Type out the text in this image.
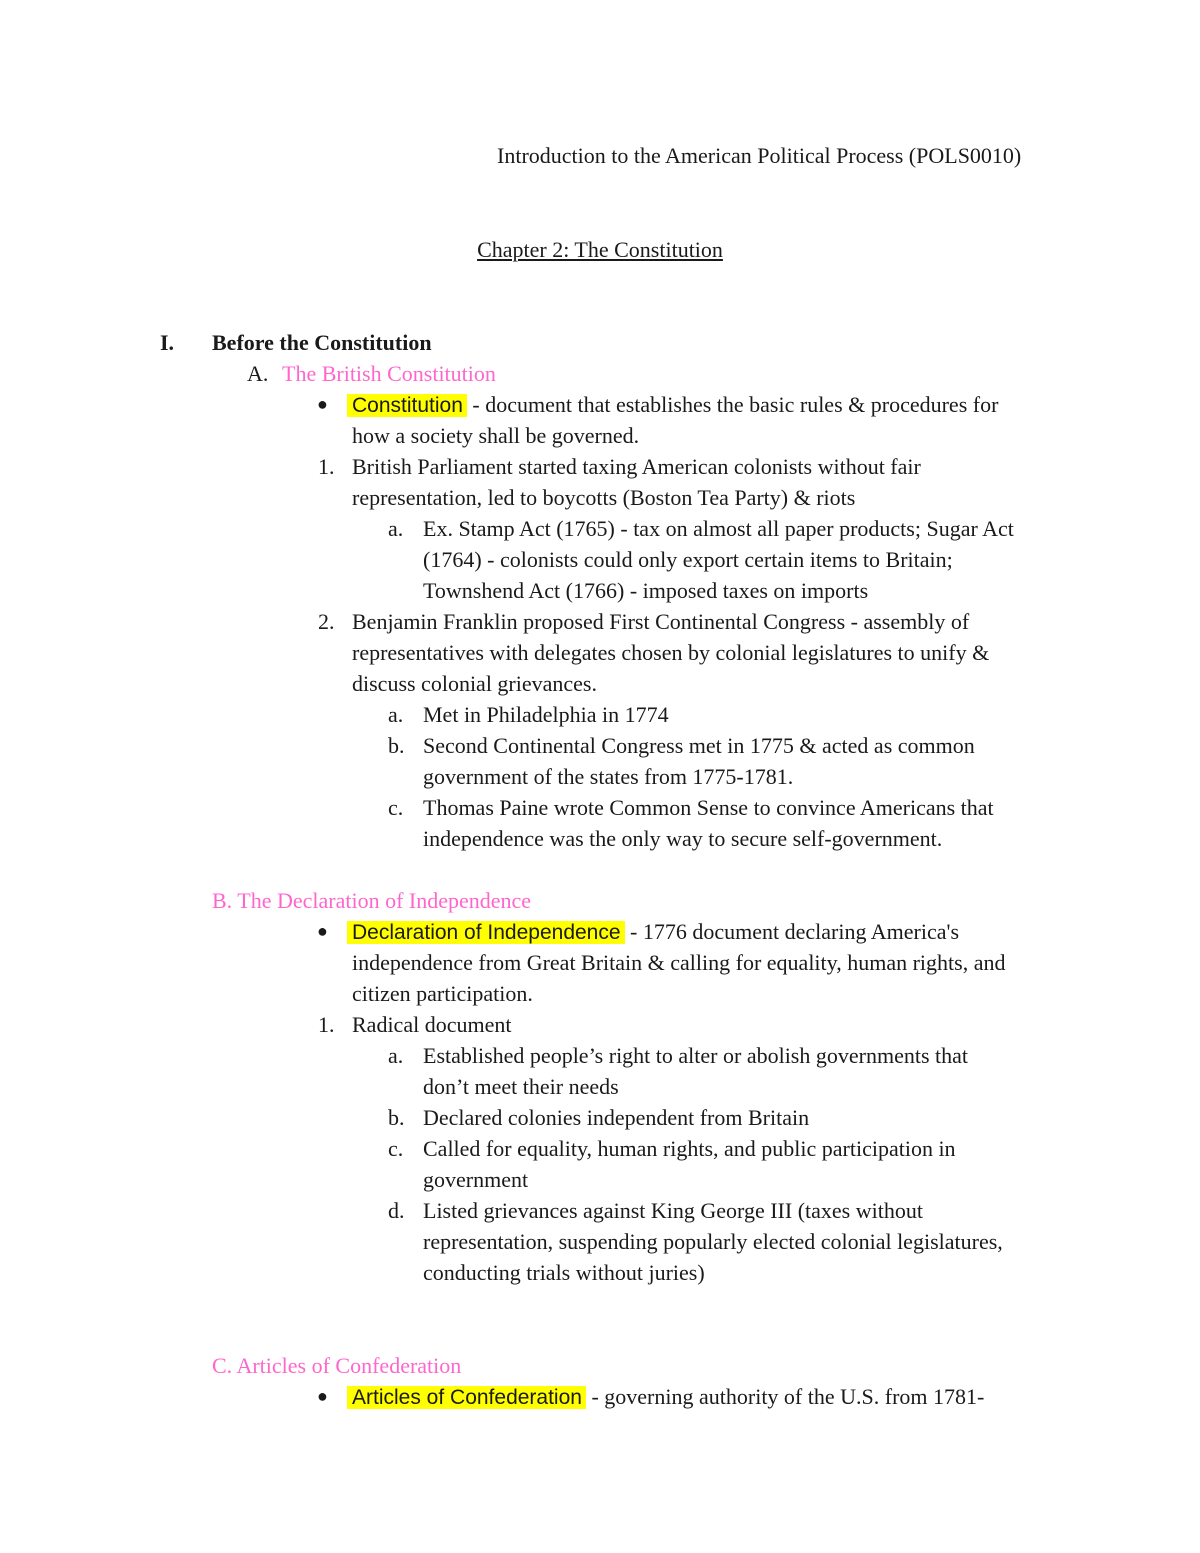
Introduction to the American Political Process (POLS0010)
Chapter 2: The Constitution
I. Before the Constitution
A. The British Constitution
● Constitution - document that establishes the basic rules & procedures for
how a society shall be governed.
1. British Parliament started taxing American colonists without fair
representation, led to boycotts (Boston Tea Party) & riots
a. Ex. Stamp Act (1765) - tax on almost all paper products; Sugar Act
(1764) - colonists could only export certain items to Britain;
Townshend Act (1766) - imposed taxes on imports
2. Benjamin Franklin proposed First Continental Congress - assembly of
representatives with delegates chosen by colonial legislatures to unify &
discuss colonial grievances.
a. Met in Philadelphia in 1774
b. Second Continental Congress met in 1775 & acted as common
government of the states from 1775-1781.
c. Thomas Paine wrote Common Sense to convince Americans that
independence was the only way to secure self-government.
B. The Declaration of Independence
● Declaration of Independence - 1776 document declaring America's
independence from Great Britain & calling for equality, human rights, and
citizen participation.
1. Radical document
a. Established people’s right to alter or abolish governments that
don’t meet their needs
b. Declared colonies independent from Britain
c. Called for equality, human rights, and public participation in
government
d. Listed grievances against King George III (taxes without
representation, suspending popularly elected colonial legislatures,
conducting trials without juries)
C. Articles of Confederation
● Articles of Confederation - governing authority of the U.S. from 1781-
